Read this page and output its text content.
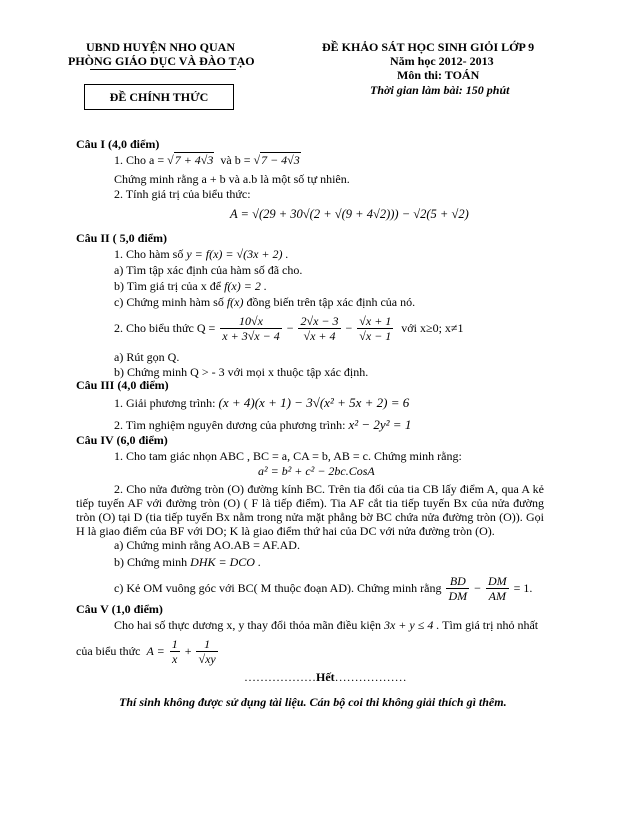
UBND HUYỆN NHO QUAN
PHÒNG GIÁO DỤC VÀ ĐÀO TẠO
ĐỀ CHÍNH THỨC
ĐỀ KHẢO SÁT HỌC SINH GIỎI LỚP 9
Năm học 2012- 2013
Môn thi: TOÁN
Thời gian làm bài: 150 phút
Câu I (4,0 điểm)
1. Cho a = √7 + 4√3 và b = √7 − 4√3
Chứng minh rằng a + b và a.b là một số tự nhiên.
2. Tính giá trị của biểu thức:
A = √(29 + 30√(2 + √(9 + 4√2))) − √2(5 + √2)
Câu II ( 5,0 điểm)
1. Cho hàm số y = f(x) = √(3x + 2) .
a) Tìm tập xác định của hàm số đã cho.
b) Tìm giá trị của x để f(x) = 2 .
c) Chứng minh hàm số f(x) đồng biến trên tập xác định của nó.
2. Cho biểu thức $Q = \frac{10√x}{x + 3√x - 4} - \frac{2√x - 3}{√x + 4} - \frac{√x + 1}{√x - 1}$ với x≥0; x≠1
a) Rút gọn Q.
b) Chứng minh Q > - 3 với mọi x thuộc tập xác định.
Câu III (4,0 điểm)
1. Giải phương trình: (x + 4)(x + 1) − 3√(x² + 5x + 2) = 6
2. Tìm nghiệm nguyên dương của phương trình: x² − 2y² = 1
Câu IV (6,0 điểm)
1. Cho tam giác nhọn ABC , BC = a, CA = b, AB = c. Chứng minh rằng:
a² = b² + c² − 2bc.CosA
2. Cho nửa đường tròn (O) đường kính BC. Trên tia đối của tia CB lấy điểm A, qua A kẻ tiếp tuyến AF với đường tròn (O) ( F là tiếp điểm). Tia AF cắt tia tiếp tuyến Bx của nửa đường tròn (O) tại D (tia tiếp tuyến Bx nằm trong nửa mặt phẳng bờ BC chứa nửa đường tròn (O)). Gọi H là giao điểm của BF với DO; K là giao điểm thứ hai của DC với nửa đường tròn (O).
a) Chứng minh rằng AO.AB = AF.AD.
b) Chứng minh DHK = DCO .
c) Kẻ OM vuông góc với BC( M thuộc đoạn AD). Chứng minh rằng $\frac{BD}{DM} - \frac{DM}{AM} = 1$.
Câu V (1,0 điểm)
Cho hai số thực dương x, y thay đổi thỏa mãn điều kiện 3x + y ≤ 4 . Tìm giá trị nhỏ nhất
của biểu thức $A = \frac{1}{x} + \frac{1}{√xy}$
………………Hết………………
Thí sinh không được sử dụng tài liệu. Cán bộ coi thi không giải thích gì thêm.
